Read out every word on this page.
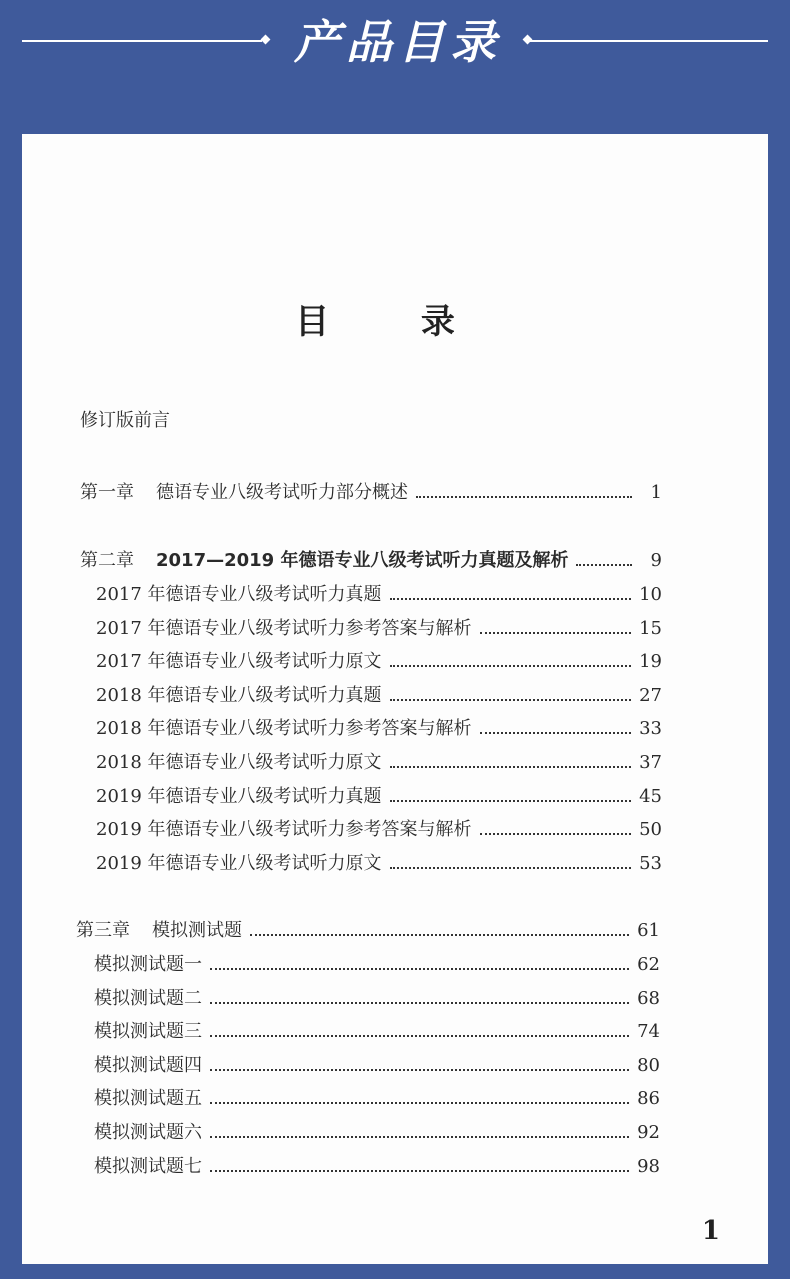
产品目录
目 录
修订版前言
第一章 德语专业八级考试听力部分概述	1
第二章 2017—2019 年德语专业八级考试听力真题及解析	9
2017 年德语专业八级考试听力真题	10
2017 年德语专业八级考试听力参考答案与解析	15
2017 年德语专业八级考试听力原文	19
2018 年德语专业八级考试听力真题	27
2018 年德语专业八级考试听力参考答案与解析	33
2018 年德语专业八级考试听力原文	37
2019 年德语专业八级考试听力真题	45
2019 年德语专业八级考试听力参考答案与解析	50
2019 年德语专业八级考试听力原文	53
第三章 模拟测试题	61
模拟测试题一	62
模拟测试题二	68
模拟测试题三	74
模拟测试题四	80
模拟测试题五	86
模拟测试题六	92
模拟测试题七	98
1
